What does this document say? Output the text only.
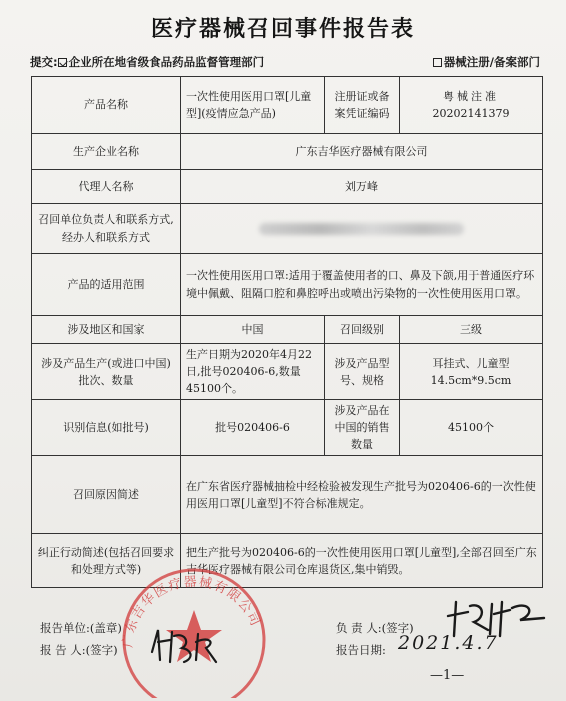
医疗器械召回事件报告表
提交: 企业所在地省级食品药品监督管理部门	器械注册/备案部门
产品名称	一次性使用医用口罩[儿童型](疫情应急产品)	注册证或备案凭证编码	粤械注准
20202141379

生产企业名称	广东吉华医疗器械有限公司		
代理人名称	刘万峰		
召回单位负责人和联系方式,经办人和联系方式			
产品的适用范围	一次性使用医用口罩:适用于覆盖使用者的口、鼻及下颌,用于普通医疗环境中佩戴、阻隔口腔和鼻腔呼出或喷出污染物的一次性使用医用口罩。		
涉及地区和国家	中国	召回级别	三级
涉及产品生产(或进口中国)批次、数量	生产日期为2020年4月22日,批号020406-6,数量45100个。	涉及产品型号、规格	耳挂式、儿童型
14.5cm*9.5cm

识别信息(如批号)	批号020406-6	涉及产品在中国的销售数量	45100个
召回原因简述	在广东省医疗器械抽检中经检验被发现生产批号为020406-6的一次性使用医用口罩[儿童型]不符合标准规定。		
纠正行动简述(包括召回要求和处理方式等)	把生产批号为020406-6的一次性使用医用口罩[儿童型],全部召回至广东吉华医疗器械有限公司仓库退货区,集中销毁。		
广东吉华医疗器械有限公司
报告单位:(盖章)
报 告 人:(签字)
负 责 人:(签字)
报告日期: 2021.4.7
—1—
